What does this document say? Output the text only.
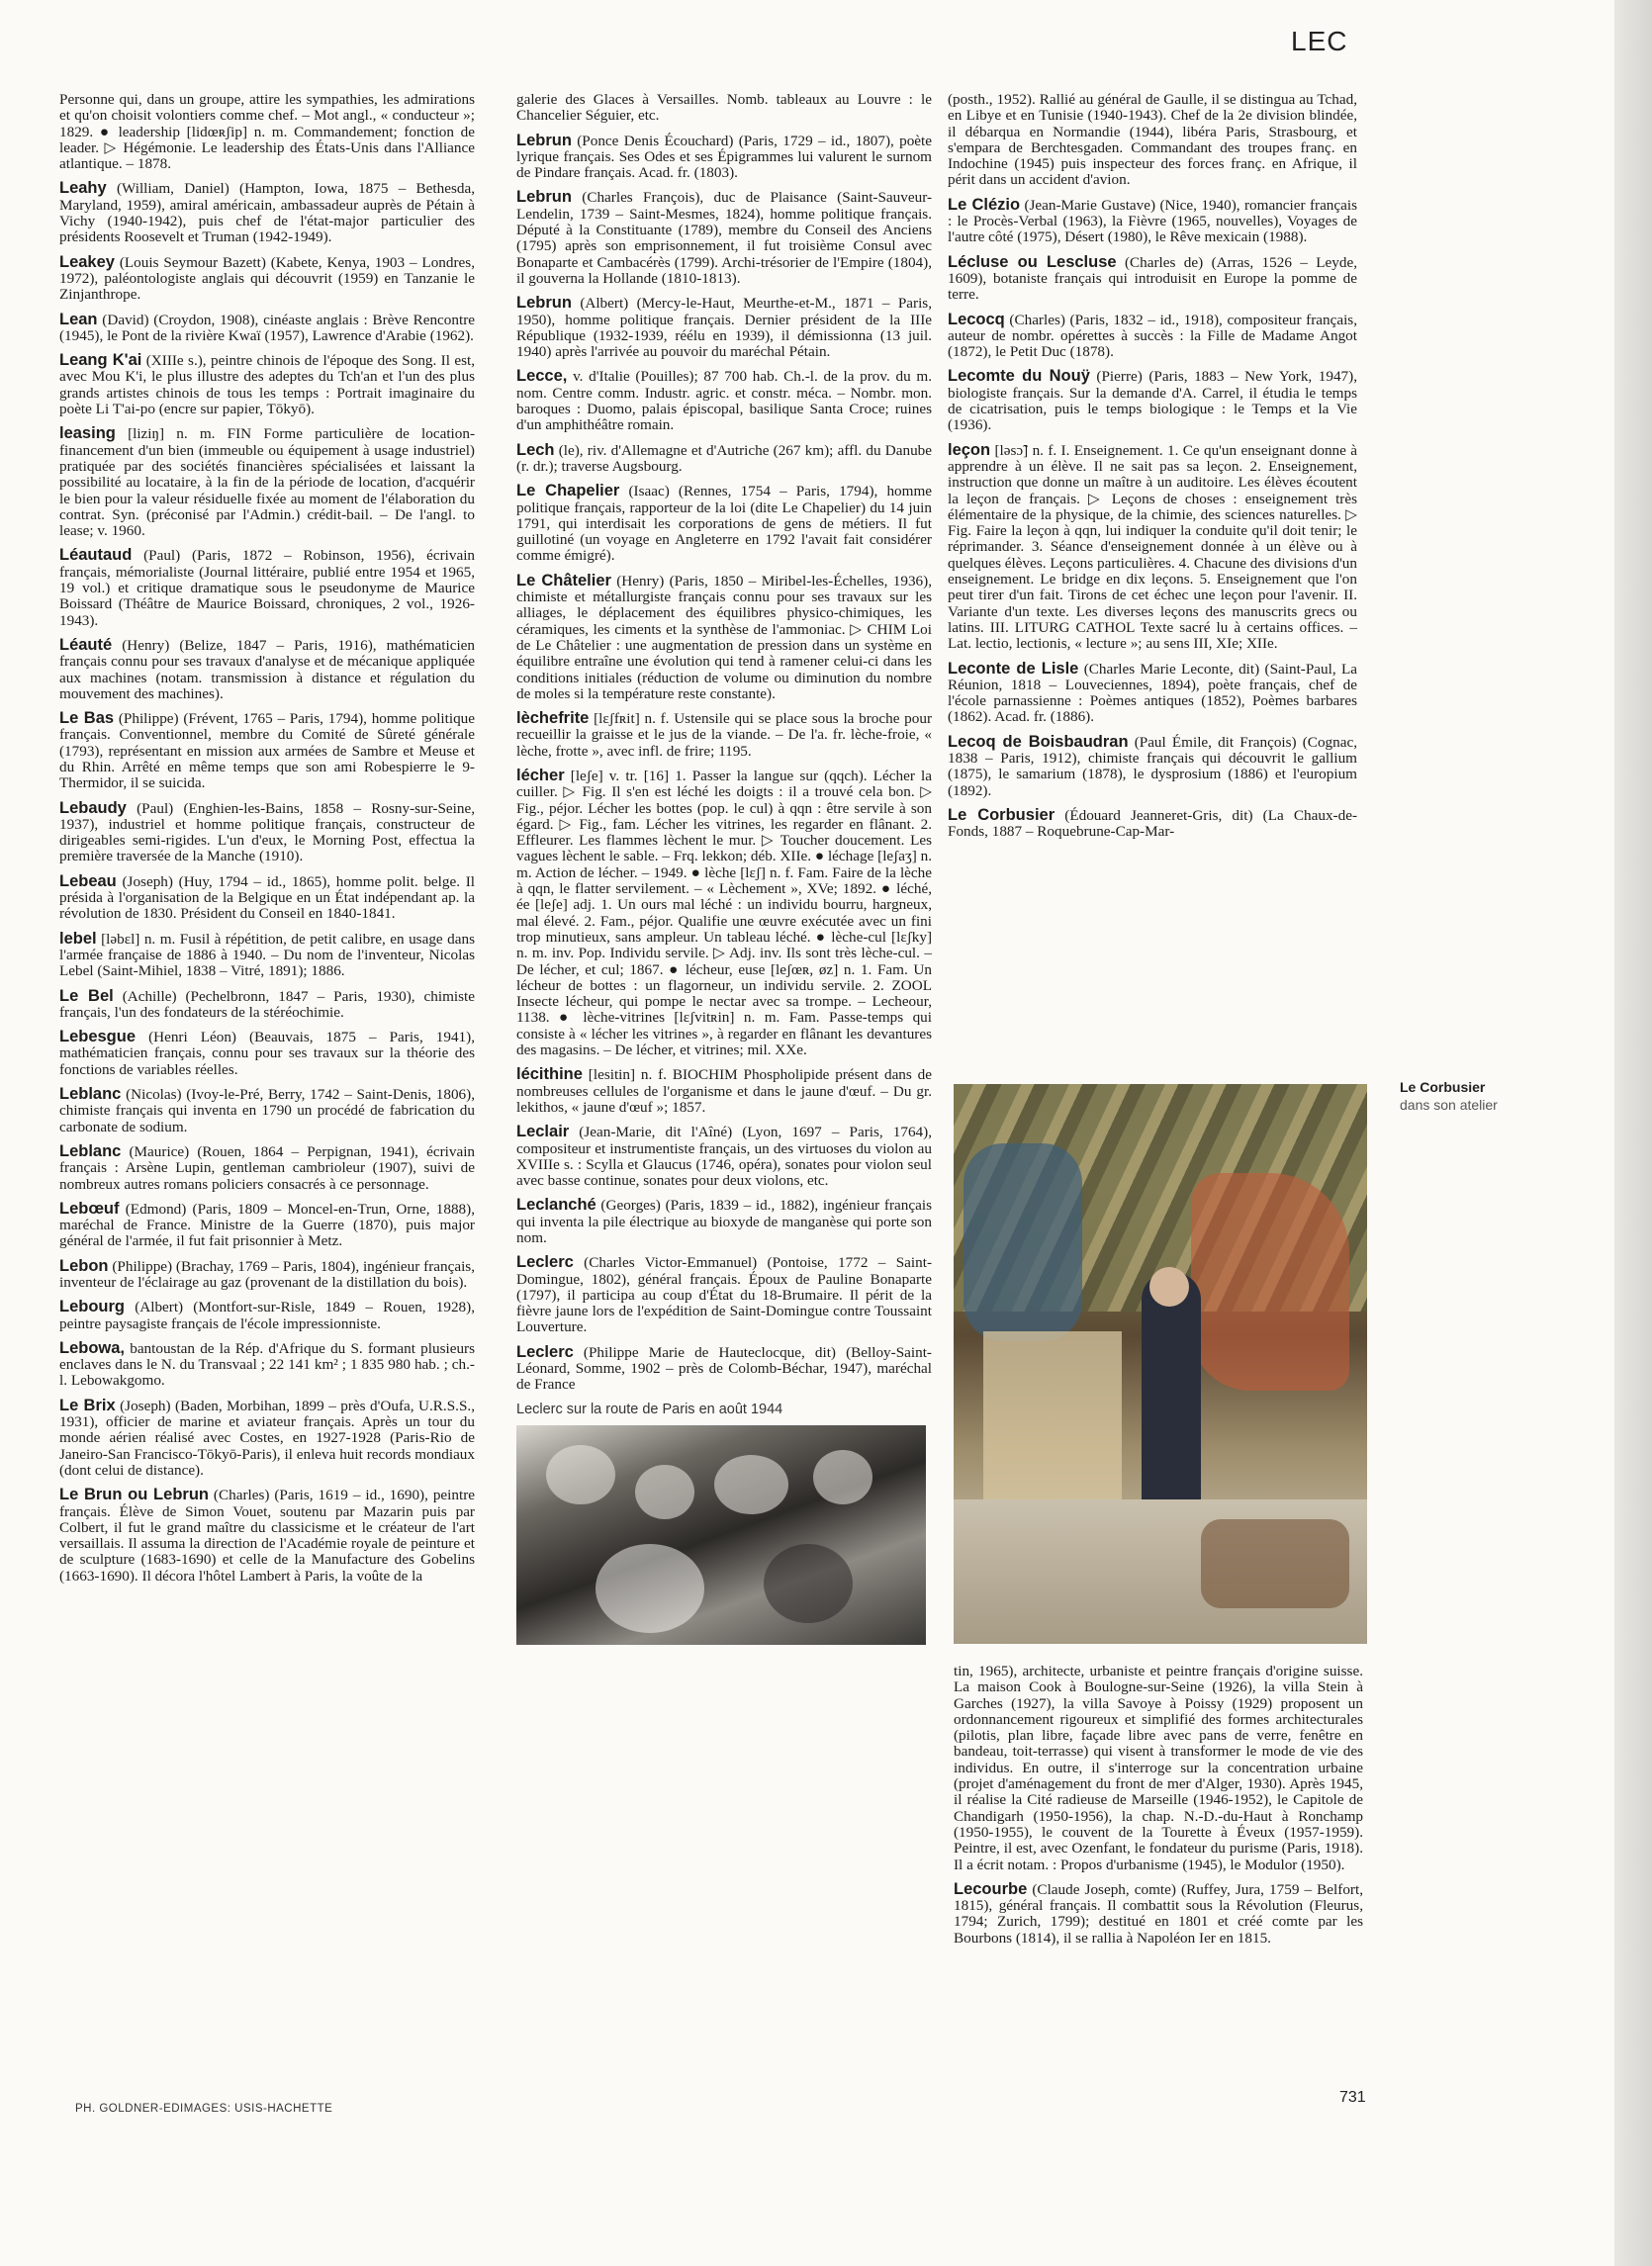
LEC

Personne qui, dans un groupe, attire les sympathies, les admirations et qu'on choisit volontiers comme chef. – Mot angl., « conducteur »; 1829. ● leadership [lidœʀʃip] n. m. Commandement; fonction de leader. ▷ Hégémonie. Le leadership des États-Unis dans l'Alliance atlantique. – 1878.

Leahy (William, Daniel) (Hampton, Iowa, 1875 – Bethesda, Maryland, 1959), amiral américain, ambassadeur auprès de Pétain à Vichy (1940-1942), puis chef de l'état-major particulier des présidents Roosevelt et Truman (1942-1949).

Leakey (Louis Seymour Bazett) (Kabete, Kenya, 1903 – Londres, 1972), paléontologiste anglais qui découvrit (1959) en Tanzanie le Zinjanthrope.

Lean (David) (Croydon, 1908), cinéaste anglais : Brève Rencontre (1945), le Pont de la rivière Kwaï (1957), Lawrence d'Arabie (1962).

Leang K'ai (XIIIe s.), peintre chinois de l'époque des Song. Il est, avec Mou K'i, le plus illustre des adeptes du Tch'an et l'un des plus grands artistes chinois de tous les temps : Portrait imaginaire du poète Li T'ai-po (encre sur papier, Tōkyō).

leasing [liziŋ] n. m. FIN Forme particulière de location-financement d'un bien (immeuble ou équipement à usage industriel) pratiquée par des sociétés financières spécialisées et laissant la possibilité au locataire, à la fin de la période de location, d'acquérir le bien pour la valeur résiduelle fixée au moment de l'élaboration du contrat. Syn. (préconisé par l'Admin.) crédit-bail. – De l'angl. to lease; v. 1960.

Léautaud (Paul) (Paris, 1872 – Robinson, 1956), écrivain français, mémorialiste (Journal littéraire, publié entre 1954 et 1965, 19 vol.) et critique dramatique sous le pseudonyme de Maurice Boissard (Théâtre de Maurice Boissard, chroniques, 2 vol., 1926-1943).

Léauté (Henry) (Belize, 1847 – Paris, 1916), mathématicien français connu pour ses travaux d'analyse et de mécanique appliquée aux machines (notam. transmission à distance et régulation du mouvement des machines).

Le Bas (Philippe) (Frévent, 1765 – Paris, 1794), homme politique français. Conventionnel, membre du Comité de Sûreté générale (1793), représentant en mission aux armées de Sambre et Meuse et du Rhin. Arrêté en même temps que son ami Robespierre le 9-Thermidor, il se suicida.

Lebaudy (Paul) (Enghien-les-Bains, 1858 – Rosny-sur-Seine, 1937), industriel et homme politique français, constructeur de dirigeables semi-rigides. L'un d'eux, le Morning Post, effectua la première traversée de la Manche (1910).

Lebeau (Joseph) (Huy, 1794 – id., 1865), homme polit. belge. Il présida à l'organisation de la Belgique en un État indépendant ap. la révolution de 1830. Président du Conseil en 1840-1841.

lebel [ləbɛl] n. m. Fusil à répétition, de petit calibre, en usage dans l'armée française de 1886 à 1940. – Du nom de l'inventeur, Nicolas Lebel (Saint-Mihiel, 1838 – Vitré, 1891); 1886.

Le Bel (Achille) (Pechelbronn, 1847 – Paris, 1930), chimiste français, l'un des fondateurs de la stéréochimie.

Lebesgue (Henri Léon) (Beauvais, 1875 – Paris, 1941), mathématicien français, connu pour ses travaux sur la théorie des fonctions de variables réelles.

Leblanc (Nicolas) (Ivoy-le-Pré, Berry, 1742 – Saint-Denis, 1806), chimiste français qui inventa en 1790 un procédé de fabrication du carbonate de sodium.

Leblanc (Maurice) (Rouen, 1864 – Perpignan, 1941), écrivain français : Arsène Lupin, gentleman cambrioleur (1907), suivi de nombreux autres romans policiers consacrés à ce personnage.

Lebœuf (Edmond) (Paris, 1809 – Moncel-en-Trun, Orne, 1888), maréchal de France. Ministre de la Guerre (1870), puis major général de l'armée, il fut fait prisonnier à Metz.

Lebon (Philippe) (Brachay, 1769 – Paris, 1804), ingénieur français, inventeur de l'éclairage au gaz (provenant de la distillation du bois).

Lebourg (Albert) (Montfort-sur-Risle, 1849 – Rouen, 1928), peintre paysagiste français de l'école impressionniste.

Lebowa, bantoustan de la Rép. d'Afrique du S. formant plusieurs enclaves dans le N. du Transvaal ; 22 141 km² ; 1 835 980 hab. ; ch.-l. Lebowakgomo.

Le Brix (Joseph) (Baden, Morbihan, 1899 – près d'Oufa, U.R.S.S., 1931), officier de marine et aviateur français. Après un tour du monde aérien réalisé avec Costes, en 1927-1928 (Paris-Rio de Janeiro-San Francisco-Tōkyō-Paris), il enleva huit records mondiaux (dont celui de distance).

Le Brun ou Lebrun (Charles) (Paris, 1619 – id., 1690), peintre français. Élève de Simon Vouet, soutenu par Mazarin puis par Colbert, il fut le grand maître du classicisme et le créateur de l'art versaillais. Il assuma la direction de l'Académie royale de peinture et de sculpture (1683-1690) et celle de la Manufacture des Gobelins (1663-1690). Il décora l'hôtel Lambert à Paris, la voûte de la

galerie des Glaces à Versailles. Nomb. tableaux au Louvre : le Chancelier Séguier, etc.

Lebrun (Ponce Denis Écouchard) (Paris, 1729 – id., 1807), poète lyrique français. Ses Odes et ses Épigrammes lui valurent le surnom de Pindare français. Acad. fr. (1803).

Lebrun (Charles François), duc de Plaisance (Saint-Sauveur-Lendelin, 1739 – Saint-Mesmes, 1824), homme politique français. Député à la Constituante (1789), membre du Conseil des Anciens (1795) après son emprisonnement, il fut troisième Consul avec Bonaparte et Cambacérès (1799). Archi-trésorier de l'Empire (1804), il gouverna la Hollande (1810-1813).

Lebrun (Albert) (Mercy-le-Haut, Meurthe-et-M., 1871 – Paris, 1950), homme politique français. Dernier président de la IIIe République (1932-1939, réélu en 1939), il démissionna (13 juil. 1940) après l'arrivée au pouvoir du maréchal Pétain.

Lecce, v. d'Italie (Pouilles); 87 700 hab. Ch.-l. de la prov. du m. nom. Centre comm. Industr. agric. et constr. méca. – Nombr. mon. baroques : Duomo, palais épiscopal, basilique Santa Croce; ruines d'un amphithéâtre romain.

Lech (le), riv. d'Allemagne et d'Autriche (267 km); affl. du Danube (r. dr.); traverse Augsbourg.

Le Chapelier (Isaac) (Rennes, 1754 – Paris, 1794), homme politique français, rapporteur de la loi (dite Le Chapelier) du 14 juin 1791, qui interdisait les corporations de gens de métiers. Il fut guillotiné (un voyage en Angleterre en 1792 l'avait fait considérer comme émigré).

Le Châtelier (Henry) (Paris, 1850 – Miribel-les-Échelles, 1936), chimiste et métallurgiste français connu pour ses travaux sur les alliages, le déplacement des équilibres physico-chimiques, les céramiques, les ciments et la synthèse de l'ammoniac. ▷ CHIM Loi de Le Châtelier : une augmentation de pression dans un système en équilibre entraîne une évolution qui tend à ramener celui-ci dans les conditions initiales (réduction de volume ou diminution du nombre de moles si la température reste constante).

lèchefrite [lɛʃfʀit] n. f. Ustensile qui se place sous la broche pour recueillir la graisse et le jus de la viande. – De l'a. fr. lèche-froie, « lèche, frotte », avec infl. de frire; 1195.

lécher [leʃe] v. tr. [16] 1. Passer la langue sur (qqch). Lécher la cuiller. ▷ Fig. Il s'en est léché les doigts : il a trouvé cela bon. ▷ Fig., péjor. Lécher les bottes (pop. le cul) à qqn : être servile à son égard. ▷ Fig., fam. Lécher les vitrines, les regarder en flânant. 2. Effleurer. Les flammes lèchent le mur. ▷ Toucher doucement. Les vagues lèchent le sable. – Frq. lekkon; déb. XIIe. ● léchage [leʃaʒ] n. m. Action de lécher. – 1949. ● lèche [lɛʃ] n. f. Fam. Faire de la lèche à qqn, le flatter servilement. – « Lèchement », XVe; 1892. ● léché, ée [leʃe] adj. 1. Un ours mal léché : un individu bourru, hargneux, mal élevé. 2. Fam., péjor. Qualifie une œuvre exécutée avec un fini trop minutieux, sans ampleur. Un tableau léché. ● lèche-cul [lɛʃky] n. m. inv. Pop. Individu servile. ▷ Adj. inv. Ils sont très lèche-cul. – De lécher, et cul; 1867. ● lécheur, euse [leʃœʀ, øz] n. 1. Fam. Un lécheur de bottes : un flagorneur, un individu servile. 2. ZOOL Insecte lécheur, qui pompe le nectar avec sa trompe. – Lecheour, 1138. ● lèche-vitrines [lɛʃvitʀin] n. m. Fam. Passe-temps qui consiste à « lécher les vitrines », à regarder en flânant les devantures des magasins. – De lécher, et vitrines; mil. XXe.

lécithine [lesitin] n. f. BIOCHIM Phospholipide présent dans de nombreuses cellules de l'organisme et dans le jaune d'œuf. – Du gr. lekithos, « jaune d'œuf »; 1857.

Leclair (Jean-Marie, dit l'Aîné) (Lyon, 1697 – Paris, 1764), compositeur et instrumentiste français, un des virtuoses du violon au XVIIIe s. : Scylla et Glaucus (1746, opéra), sonates pour violon seul avec basse continue, sonates pour deux violons, etc.

Leclanché (Georges) (Paris, 1839 – id., 1882), ingénieur français qui inventa la pile électrique au bioxyde de manganèse qui porte son nom.

Leclerc (Charles Victor-Emmanuel) (Pontoise, 1772 – Saint-Domingue, 1802), général français. Époux de Pauline Bonaparte (1797), il participa au coup d'État du 18-Brumaire. Il périt de la fièvre jaune lors de l'expédition de Saint-Domingue contre Toussaint Louverture.

Leclerc (Philippe Marie de Hauteclocque, dit) (Belloy-Saint-Léonard, Somme, 1902 – près de Colomb-Béchar, 1947), maréchal de France

Leclerc sur la route de Paris en août 1944

(posth., 1952). Rallié au général de Gaulle, il se distingua au Tchad, en Libye et en Tunisie (1940-1943). Chef de la 2e division blindée, il débarqua en Normandie (1944), libéra Paris, Strasbourg, et s'empara de Berchtesgaden. Commandant des troupes franç. en Indochine (1945) puis inspecteur des forces franç. en Afrique, il périt dans un accident d'avion.

Le Clézio (Jean-Marie Gustave) (Nice, 1940), romancier français : le Procès-Verbal (1963), la Fièvre (1965, nouvelles), Voyages de l'autre côté (1975), Désert (1980), le Rêve mexicain (1988).

Lécluse ou Lescluse (Charles de) (Arras, 1526 – Leyde, 1609), botaniste français qui introduisit en Europe la pomme de terre.

Lecocq (Charles) (Paris, 1832 – id., 1918), compositeur français, auteur de nombr. opérettes à succès : la Fille de Madame Angot (1872), le Petit Duc (1878).

Lecomte du Nouÿ (Pierre) (Paris, 1883 – New York, 1947), biologiste français. Sur la demande d'A. Carrel, il étudia le temps de cicatrisation, puis le temps biologique : le Temps et la Vie (1936).

leçon [ləsɔ̃] n. f. I. Enseignement. 1. Ce qu'un enseignant donne à apprendre à un élève. Il ne sait pas sa leçon. 2. Enseignement, instruction que donne un maître à un auditoire. Les élèves écoutent la leçon de français. ▷ Leçons de choses : enseignement très élémentaire de la physique, de la chimie, des sciences naturelles. ▷ Fig. Faire la leçon à qqn, lui indiquer la conduite qu'il doit tenir; le réprimander. 3. Séance d'enseignement donnée à un élève ou à quelques élèves. Leçons particulières. 4. Chacune des divisions d'un enseignement. Le bridge en dix leçons. 5. Enseignement que l'on peut tirer d'un fait. Tirons de cet échec une leçon pour l'avenir. II. Variante d'un texte. Les diverses leçons des manuscrits grecs ou latins. III. LITURG CATHOL Texte sacré lu à certains offices. – Lat. lectio, lectionis, « lecture »; au sens III, XIe; XIIe.

Leconte de Lisle (Charles Marie Leconte, dit) (Saint-Paul, La Réunion, 1818 – Louveciennes, 1894), poète français, chef de l'école parnassienne : Poèmes antiques (1852), Poèmes barbares (1862). Acad. fr. (1886).

Lecoq de Boisbaudran (Paul Émile, dit François) (Cognac, 1838 – Paris, 1912), chimiste français qui découvrit le gallium (1875), le samarium (1878), le dysprosium (1886) et l'europium (1892).

Le Corbusier (Édouard Jeanneret-Gris, dit) (La Chaux-de-Fonds, 1887 – Roquebrune-Cap-Mar-

Le Corbusier
dans son atelier

tin, 1965), architecte, urbaniste et peintre français d'origine suisse. La maison Cook à Boulogne-sur-Seine (1926), la villa Stein à Garches (1927), la villa Savoye à Poissy (1929) proposent un ordonnancement rigoureux et simplifié des formes architecturales (pilotis, plan libre, façade libre avec pans de verre, fenêtre en bandeau, toit-terrasse) qui visent à transformer le mode de vie des individus. En outre, il s'interroge sur la concentration urbaine (projet d'aménagement du front de mer d'Alger, 1930). Après 1945, il réalise la Cité radieuse de Marseille (1946-1952), le Capitole de Chandigarh (1950-1956), la chap. N.-D.-du-Haut à Ronchamp (1950-1955), le couvent de la Tourette à Éveux (1957-1959). Peintre, il est, avec Ozenfant, le fondateur du purisme (Paris, 1918). Il a écrit notam. : Propos d'urbanisme (1945), le Modulor (1950).

Lecourbe (Claude Joseph, comte) (Ruffey, Jura, 1759 – Belfort, 1815), général français. Il combattit sous la Révolution (Fleurus, 1794; Zurich, 1799); destitué en 1801 et créé comte par les Bourbons (1814), il se rallia à Napoléon Ier en 1815.

PH. GOLDNER-EDIMAGES: USIS-HACHETTE
731
